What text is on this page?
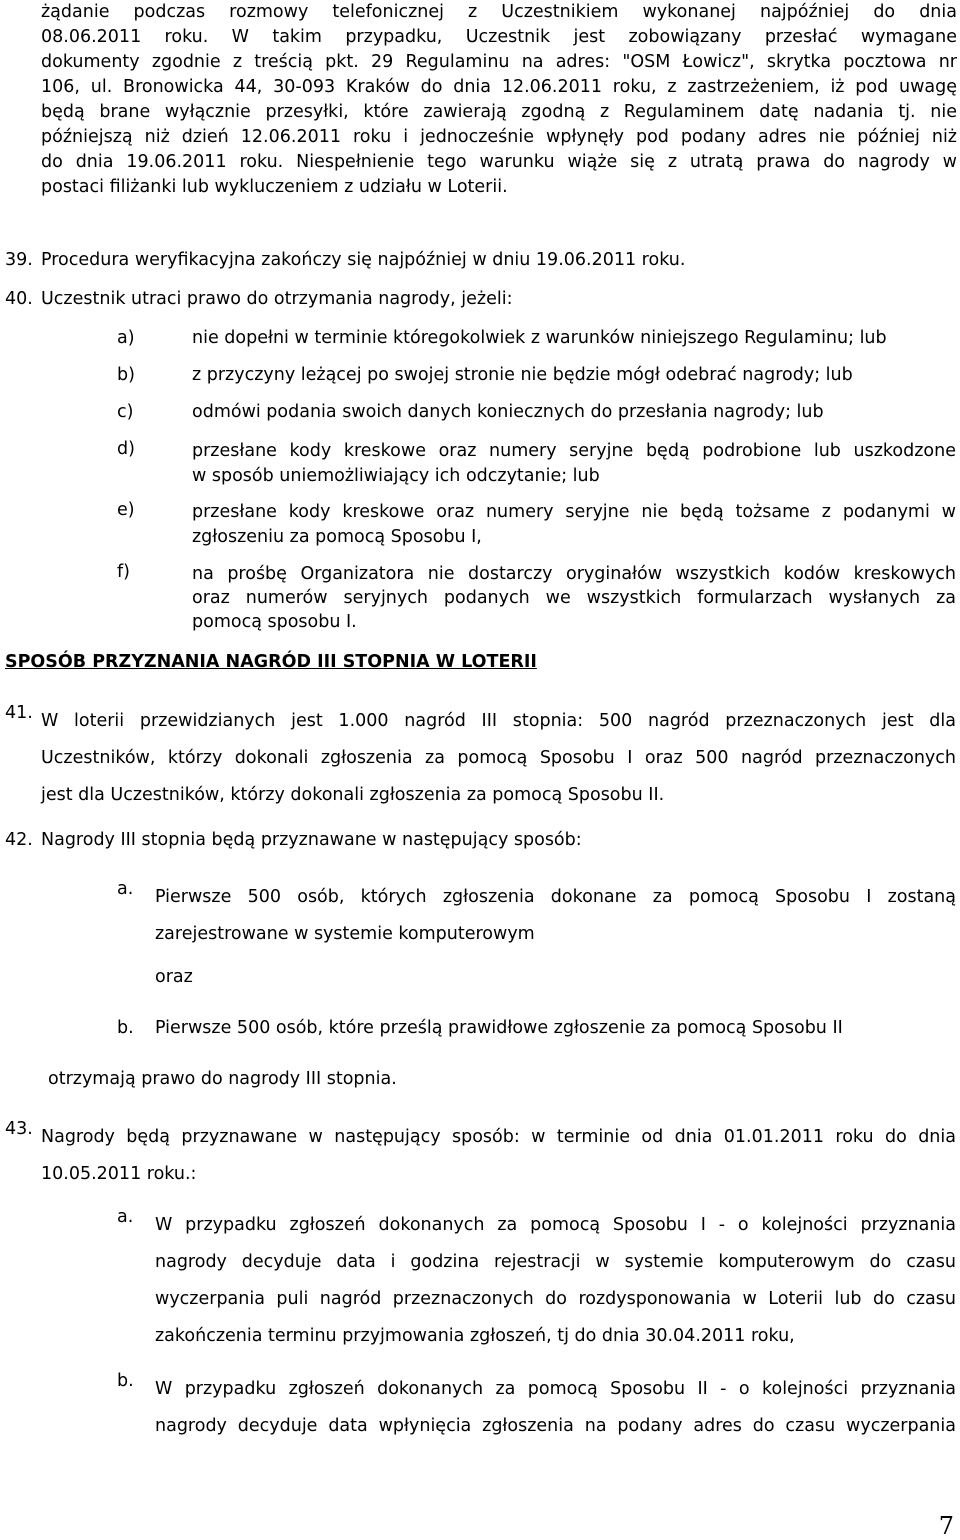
żądanie podczas rozmowy telefonicznej z Uczestnikiem wykonanej najpóźniej do dnia
08.06.2011 roku. W takim przypadku, Uczestnik jest zobowiązany przesłać wymagane
dokumenty zgodnie z treścią pkt. 29 Regulaminu na adres: "OSM Łowicz", skrytka pocztowa nr
106, ul. Bronowicka 44, 30-093 Kraków do dnia 12.06.2011 roku, z zastrzeżeniem, iż pod uwagę
będą brane wyłącznie przesyłki, które zawierają zgodną z Regulaminem datę nadania tj. nie
późniejszą niż dzień 12.06.2011 roku i jednocześnie wpłynęły pod podany adres nie później niż
do dnia 19.06.2011 roku. Niespełnienie tego warunku wiąże się z utratą prawa do nagrody w
postaci filiżanki lub wykluczeniem z udziału w Loterii.
39. Procedura weryfikacyjna zakończy się najpóźniej w dniu 19.06.2011 roku.
40. Uczestnik utraci prawo do otrzymania nagrody, jeżeli:
a)	nie dopełni w terminie któregokolwiek z warunków niniejszego Regulaminu; lub
b)	z przyczyny leżącej po swojej stronie nie będzie mógł odebrać nagrody; lub
c)	odmówi podania swoich danych koniecznych do przesłania nagrody; lub
d)	przesłane kody kreskowe oraz numery seryjne będą podrobione lub uszkodzone
w sposób uniemożliwiający ich odczytanie; lub
e)	przesłane kody kreskowe oraz numery seryjne nie będą tożsame z podanymi w
zgłoszeniu za pomocą Sposobu I,
f)	na prośbę Organizatora nie dostarczy oryginałów wszystkich kodów kreskowych
oraz numerów seryjnych podanych we wszystkich formularzach wysłanych za
pomocą sposobu I.
SPOSÓB PRZYZNANIA NAGRÓD III STOPNIA W LOTERII
41. W loterii przewidzianych jest 1.000 nagród III stopnia: 500 nagród przeznaczonych jest dla
Uczestników, którzy dokonali zgłoszenia za pomocą Sposobu I oraz 500 nagród przeznaczonych
jest dla Uczestników, którzy dokonali zgłoszenia za pomocą Sposobu II.
42. Nagrody III stopnia będą przyznawane w następujący sposób:
a. Pierwsze 500 osób, których zgłoszenia dokonane za pomocą Sposobu I zostaną
zarejestrowane w systemie komputerowym
oraz
b. Pierwsze 500 osób, które prześlą prawidłowe zgłoszenie za pomocą Sposobu II
otrzymają prawo do nagrody III stopnia.
43. Nagrody będą przyznawane w następujący sposób: w terminie od dnia 01.01.2011 roku do dnia
10.05.2011 roku.:
a. W przypadku zgłoszeń dokonanych za pomocą Sposobu I - o kolejności przyznania
nagrody decyduje data i godzina rejestracji w systemie komputerowym do czasu
wyczerpania puli nagród przeznaczonych do rozdysponowania w Loterii lub do czasu
zakończenia terminu przyjmowania zgłoszeń, tj do dnia 30.04.2011 roku,
b. W przypadku zgłoszeń dokonanych za pomocą Sposobu II - o kolejności przyznania
nagrody decyduje data wpłynięcia zgłoszenia na podany adres do czasu wyczerpania
7
